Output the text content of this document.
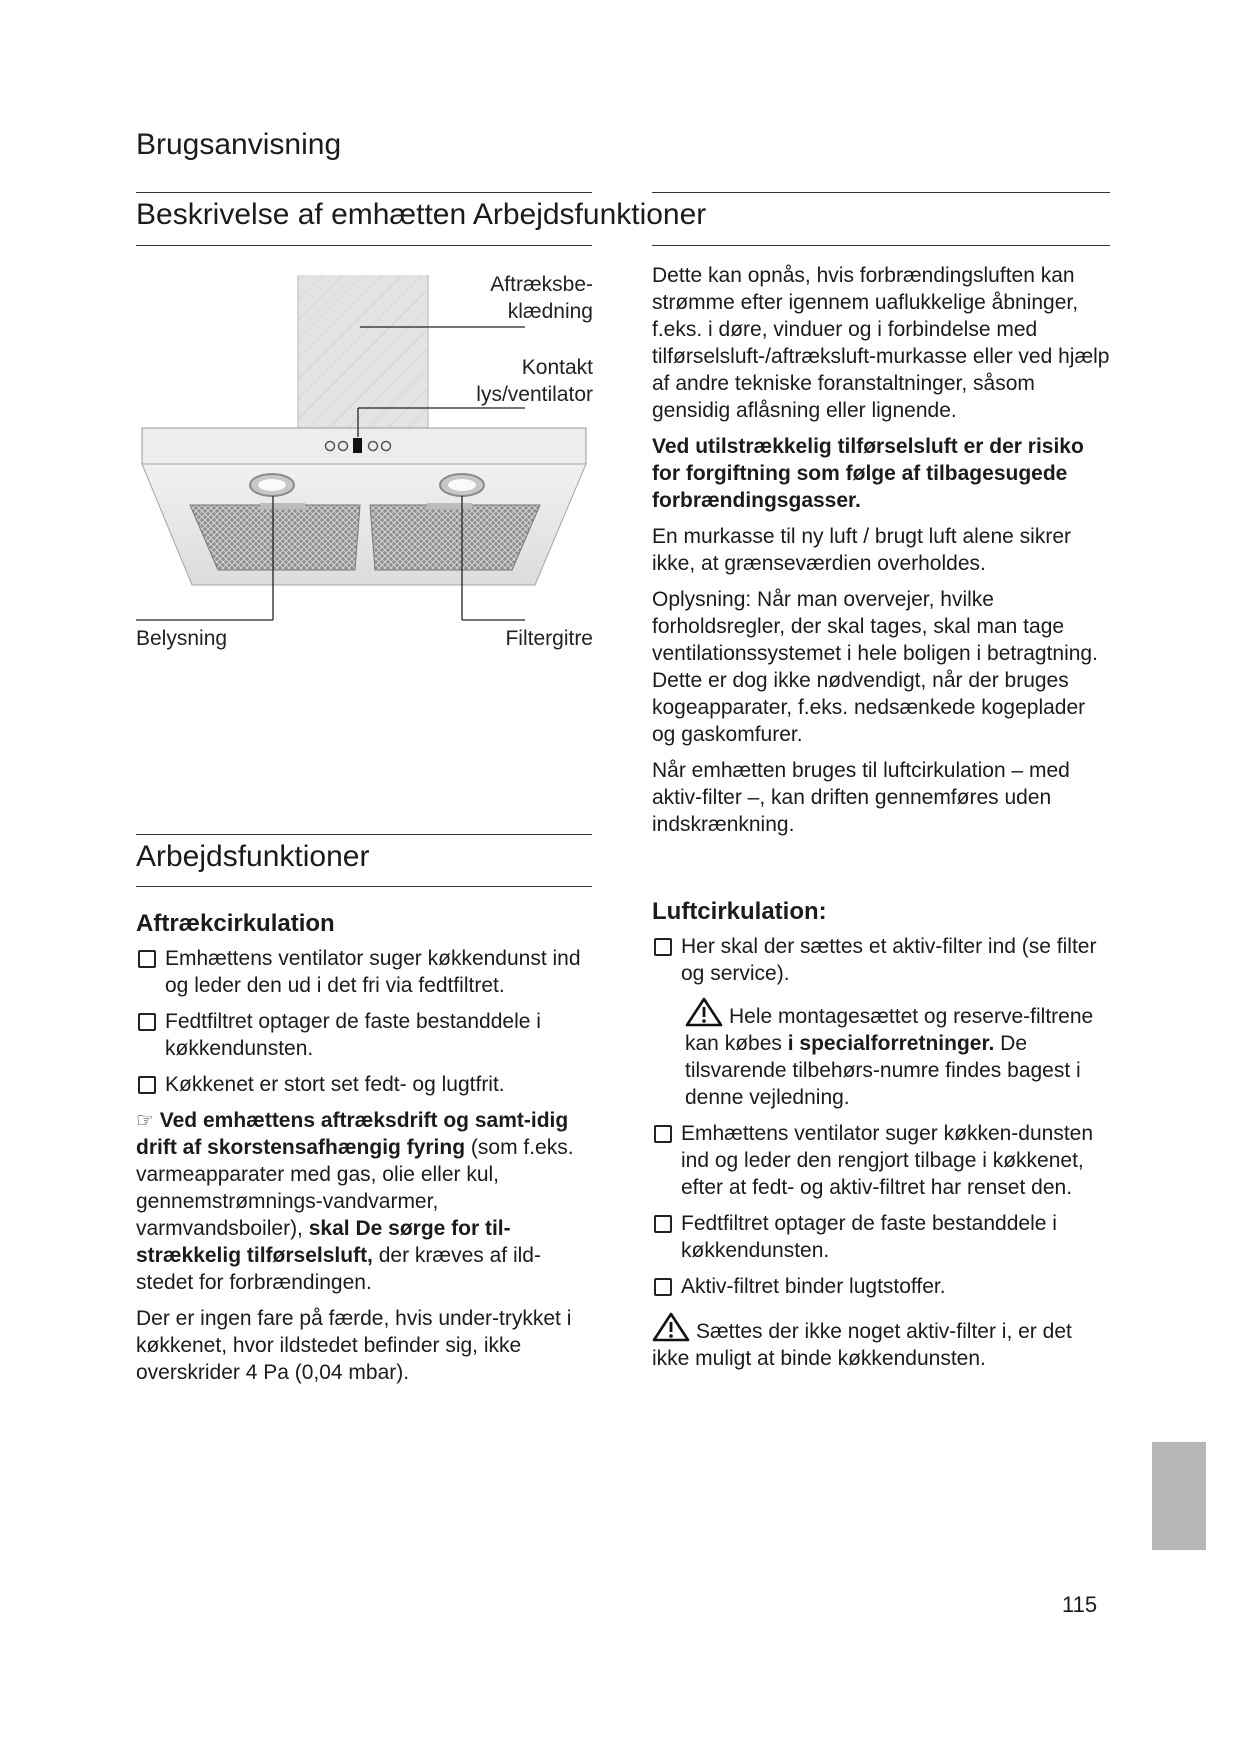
Brugsanvisning
Beskrivelse af emhætten Arbejdsfunktioner
Aftræksbe-
klædning
Kontakt
lys/ventilator
Belysning	Filtergitre
Arbejdsfunktioner
Aftrækcirkulation
Emhættens ventilator suger køkkendunst ind og leder den ud i det fri via fedtfiltret.
Fedtfiltret optager de faste bestanddele i køkkendunsten.
Køkkenet er stort set fedt- og lugtfrit.

☞ Ved emhættens aftræksdrift og samt-idig drift af skorstensafhængig fyring (som f.eks. varmeapparater med gas, olie eller kul, gennemstrømnings-vandvarmer, varmvandsboiler), skal De sørge for til-strækkelig tilførselsluft, der kræves af ild-stedet for forbrændingen.

Der er ingen fare på færde, hvis under-trykket i køkkenet, hvor ildstedet befinder sig, ikke overskrider 4 Pa (0,04 mbar).

Dette kan opnås, hvis forbrændingsluften kan strømme efter igennem uaflukkelige åbninger, f.eks. i døre, vinduer og i forbindelse med tilførselsluft-/aftræksluft-murkasse eller ved hjælp af andre tekniske foranstaltninger, såsom gensidig aflåsning eller lignende.

Ved utilstrækkelig tilførselsluft er der risiko for forgiftning som følge af tilbagesugede forbrændingsgasser.

En murkasse til ny luft / brugt luft alene sikrer ikke, at grænseværdien overholdes.

Oplysning: Når man overvejer, hvilke forholdsregler, der skal tages, skal man tage ventilationssystemet i hele boligen i betragtning. Dette er dog ikke nødvendigt, når der bruges kogeapparater, f.eks. nedsænkede kogeplader og gaskomfurer.

Når emhætten bruges til luftcirkulation – med aktiv-filter –, kan driften gennemføres uden indskrænkning.

Luftcirkulation:
Her skal der sættes et aktiv-filter ind (se filter og service).
Hele montagesættet og reserve-filtrene kan købes i specialforretninger. De tilsvarende tilbehørs-numre findes bagest i denne vejledning.
Emhættens ventilator suger køkken-dunsten ind og leder den rengjort tilbage i køkkenet, efter at fedt- og aktiv-filtret har renset den.
Fedtfiltret optager de faste bestanddele i køkkendunsten.
Aktiv-filtret binder lugtstoffer.
Sættes der ikke noget aktiv-filter i, er det ikke muligt at binde køkkendunsten.
115
